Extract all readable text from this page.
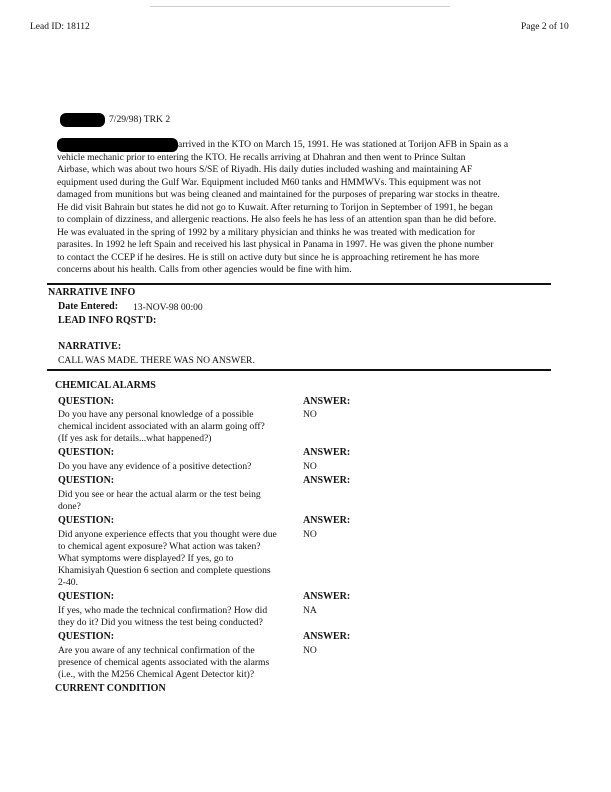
Lead ID: 18112	Page 2 of 10
7/29/98) TRK 2
arrived in the KTO on March 15, 1991. He was stationed at Torijon AFB in Spain as a
vehicle mechanic prior to entering the KTO. He recalls arriving at Dhahran and then went to Prince Sultan
Airbase, which was about two hours S/SE of Riyadh. His daily duties included washing and maintaining AF
equipment used during the Gulf War. Equipment included M60 tanks and HMMWVs. This equipment was not
damaged from munitions but was being cleaned and maintained for the purposes of preparing war stocks in theatre.
He did visit Bahrain but states he did not go to Kuwait. After returning to Torijon in September of 1991, he began
to complain of dizziness, and allergenic reactions. He also feels he has less of an attention span than he did before.
He was evaluated in the spring of 1992 by a military physician and thinks he was treated with medication for
parasites. In 1992 he left Spain and received his last physical in Panama in 1997. He was given the phone number
to contact the CCEP if he desires. He is still on active duty but since he is approaching retirement he has more
concerns about his health. Calls from other agencies would be fine with him.
NARRATIVE INFO
Date Entered: 13-NOV-98 00:00
LEAD INFO RQST'D:
NARRATIVE:
CALL WAS MADE. THERE WAS NO ANSWER.
CHEMICAL ALARMS
QUESTION:	ANSWER:
Do you have any personal knowledge of a possible
chemical incident associated with an alarm going off?
(If yes ask for details...what happened?)
NO
QUESTION:	ANSWER:
Do you have any evidence of a positive detection?	NO
QUESTION:	ANSWER:
Did you see or hear the actual alarm or the test being
done?
QUESTION:	ANSWER:
Did anyone experience effects that you thought were due
to chemical agent exposure? What action was taken?
What symptoms were displayed? If yes, go to
Khamisiyah Question 6 section and complete questions
2-40.
NO
QUESTION:	ANSWER:
If yes, who made the technical confirmation? How did
they do it? Did you witness the test being conducted?
NA
QUESTION:	ANSWER:
Are you aware of any technical confirmation of the
presence of chemical agents associated with the alarms
(i.e., with the M256 Chemical Agent Detector kit)?
NO
CURRENT CONDITION
